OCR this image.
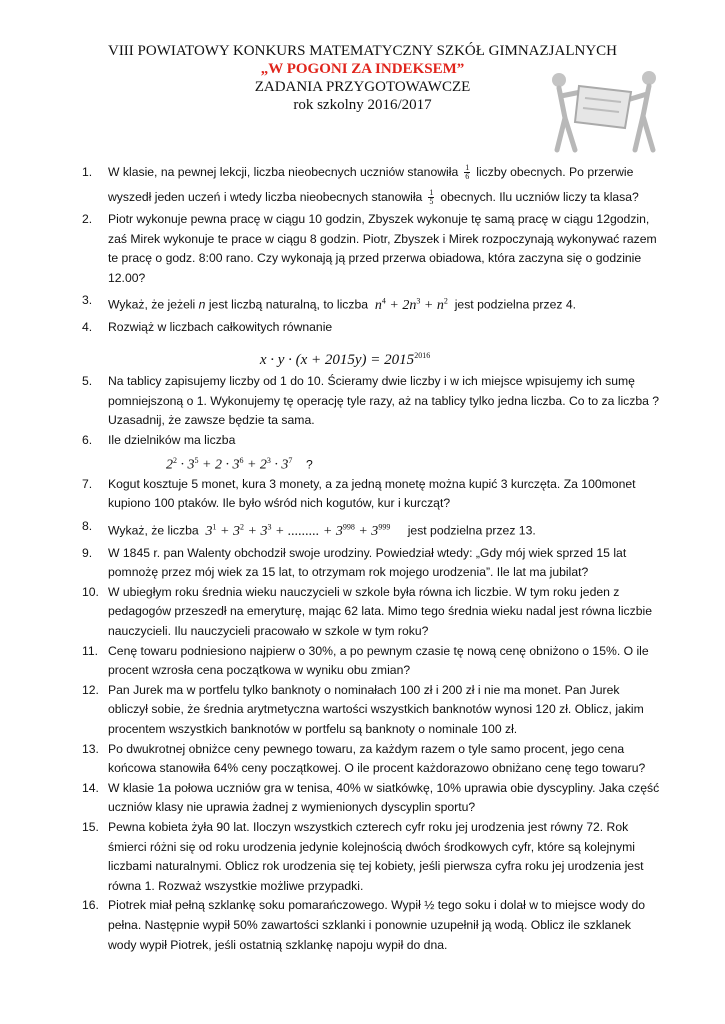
VIII POWIATOWY KONKURS MATEMATYCZNY SZKÓŁ GIMNAZJALNYCH
„W POGONI ZA INDEKSEM”
ZADANIA PRZYGOTOWAWCZE
rok szkolny 2016/2017
1. W klasie, na pewnej lekcji, liczba nieobecnych uczniów stanowiła $\frac{1}{6}$ liczby obecnych. Po przerwie wyszedł jeden uczeń i wtedy liczba nieobecnych stanowiła $\frac{1}{5}$ obecnych. Ilu uczniów liczy ta klasa?
2. Piotr wykonuje pewna pracę w ciągu 10 godzin, Zbyszek wykonuje tę samą pracę w ciągu 12godzin, zaś Mirek wykonuje te prace w ciągu 8 godzin. Piotr, Zbyszek i Mirek rozpoczynają wykonywać razem te pracę o godz. 8:00 rano. Czy wykonają ją przed przerwa obiadowa, która zaczyna się o godzinie 12.00?
3. Wykaż, że jeżeli n jest liczbą naturalną, to liczba  $n^4 + 2n^3 + n^2$ jest podzielna przez 4.
4. Rozwiąż w liczbach całkowitych równanie
$x \cdot y \cdot (x + 2015y) = 2015^{2016}$
5. Na tablicy zapisujemy liczby od 1 do 10. Ścieramy dwie liczby i w ich miejsce wpisujemy ich sumę pomniejszoną o 1. Wykonujemy tę operację tyle razy, aż na tablicy tylko jedna liczba. Co to za liczba ? Uzasadnij, że zawsze będzie ta sama.
6. Ile dzielników ma liczba
$2^2 \cdot 3^5 + 2 \cdot 3^6 + 2^3 \cdot 3^7$ ?
7. Kogut kosztuje 5 monet, kura 3 monety, a za jedną monetę można kupić 3 kurczęta. Za 100monet kupiono 100 ptaków. Ile było wśród nich kogutów, kur i kurcząt?
8. Wykaż, że liczba  $3^1 + 3^2 + 3^3$ + ......... + $3^{998} + 3^{999}$ jest podzielna przez 13.
9. W 1845 r. pan Walenty obchodził swoje urodziny. Powiedział wtedy: „Gdy mój wiek sprzed 15 lat pomnożę przez mój wiek za 15 lat, to otrzymam rok mojego urodzenia”. Ile lat ma jubilat?
10. W ubiegłym roku średnia wieku nauczycieli w szkole była równa ich liczbie. W tym roku jeden z pedagogów przeszedł na emeryturę, mając 62 lata. Mimo tego średnia wieku nadal jest równa liczbie nauczycieli. Ilu nauczycieli pracowało w szkole w tym roku?
11. Cenę towaru podniesiono najpierw o 30%, a po pewnym czasie tę nową cenę obniżono o 15%. O ile procent wzrosła cena początkowa w wyniku obu zmian?
12. Pan Jurek ma w portfelu tylko banknoty o nominałach 100 zł i 200 zł i nie ma monet. Pan Jurek obliczył sobie, że średnia arytmetyczna wartości wszystkich banknotów wynosi 120 zł. Oblicz, jakim procentem wszystkich banknotów w portfelu są banknoty o nominale 100 zł.
13. Po dwukrotnej obniżce ceny pewnego towaru, za każdym razem o tyle samo procent, jego cena końcowa stanowiła 64% ceny początkowej. O ile procent każdorazowo obniżano cenę tego towaru?
14. W klasie 1a połowa uczniów gra w tenisa, 40% w siatkówkę, 10% uprawia obie dyscypliny. Jaka część uczniów klasy nie uprawia żadnej z wymienionych dyscyplin sportu?
15. Pewna kobieta żyła 90 lat. Iloczyn wszystkich czterech cyfr roku jej urodzenia jest równy 72. Rok śmierci różni się od roku urodzenia jedynie kolejnością dwóch środkowych cyfr, które są kolejnymi liczbami naturalnymi. Oblicz rok urodzenia się tej kobiety, jeśli pierwsza cyfra roku jej urodzenia jest równa 1. Rozważ wszystkie możliwe przypadki.
16. Piotrek miał pełną szklankę soku pomarańczowego. Wypił ½ tego soku i dolał w to miejsce wody do pełna. Następnie wypił 50% zawartości szklanki i ponownie uzupełnił ją wodą. Oblicz ile szklanek wody wypił Piotrek, jeśli ostatnią szklankę napoju wypił do dna.
